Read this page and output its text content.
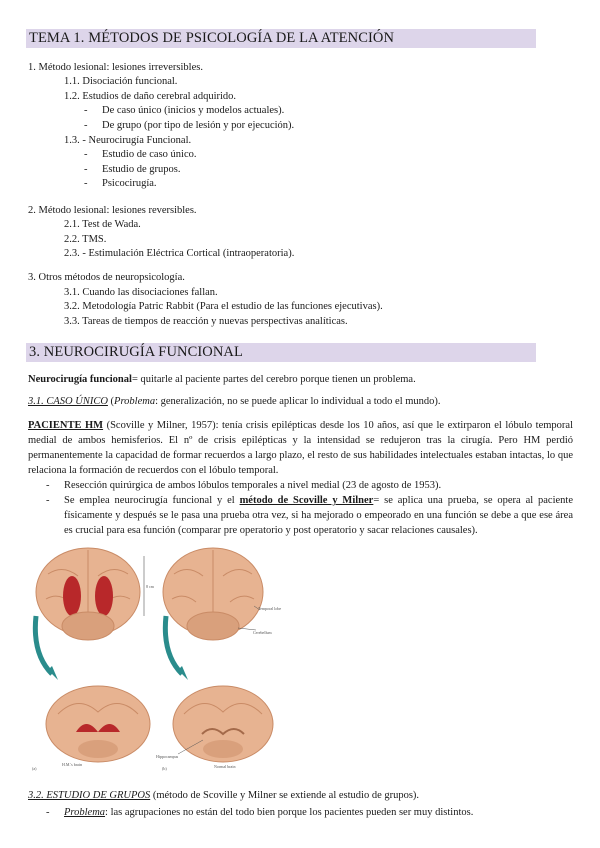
TEMA 1. MÉTODOS DE PSICOLOGÍA DE LA ATENCIÓN
1. Método lesional: lesiones irreversibles.
1.1. Disociación funcional.
1.2. Estudios de daño cerebral adquirido.
- De caso único (inicios y modelos actuales).
- De grupo (por tipo de lesión y por ejecución).
1.3. - Neurocirugía Funcional.
- Estudio de caso único.
- Estudio de grupos.
- Psicocirugía.
2. Método lesional: lesiones reversibles.
2.1. Test de Wada.
2.2. TMS.
2.3. - Estimulación Eléctrica Cortical (intraoperatoria).
3. Otros métodos de neuropsicología.
3.1. Cuando las disociaciones fallan.
3.2. Metodología Patric Rabbit (Para el estudio de las funciones ejecutivas).
3.3. Tareas de tiempos de reacción y nuevas perspectivas analíticas.
3. NEUROCIRUGÍA FUNCIONAL
Neurocirugía funcional= quitarle al paciente partes del cerebro porque tienen un problema.
3.1. CASO ÚNICO (Problema: generalización, no se puede aplicar lo individual a todo el mundo).
PACIENTE HM (Scoville y Milner, 1957): tenía crisis epilépticas desde los 10 años, así que le extirparon el lóbulo temporal medial de ambos hemisferios. El nº de crisis epilépticas y la intensidad se redujeron tras la cirugía. Pero HM perdió permanentemente la capacidad de formar recuerdos a largo plazo, el resto de sus habilidades intelectuales estaban intactas, lo que relaciona la formación de recuerdos con el lóbulo temporal.
- Resección quirúrgica de ambos lóbulos temporales a nivel medial (23 de agosto de 1953).
- Se emplea neurocirugía funcional y el método de Scoville y Milner= se aplica una prueba, se opera al paciente físicamente y después se le pasa una prueba otra vez, si ha mejorado o empeorado en una función se debe a que ese área es crucial para esa función (comparar pre operatorio y post operatorio y sacar relaciones causales).
8 cm
Temporal lobe
Cerebellum
H.M.'s brain
(a)
Hippocampus
Normal brain
(b)
3.2. ESTUDIO DE GRUPOS (método de Scoville y Milner se extiende al estudio de grupos).
- Problema: las agrupaciones no están del todo bien porque los pacientes pueden ser muy distintos.
